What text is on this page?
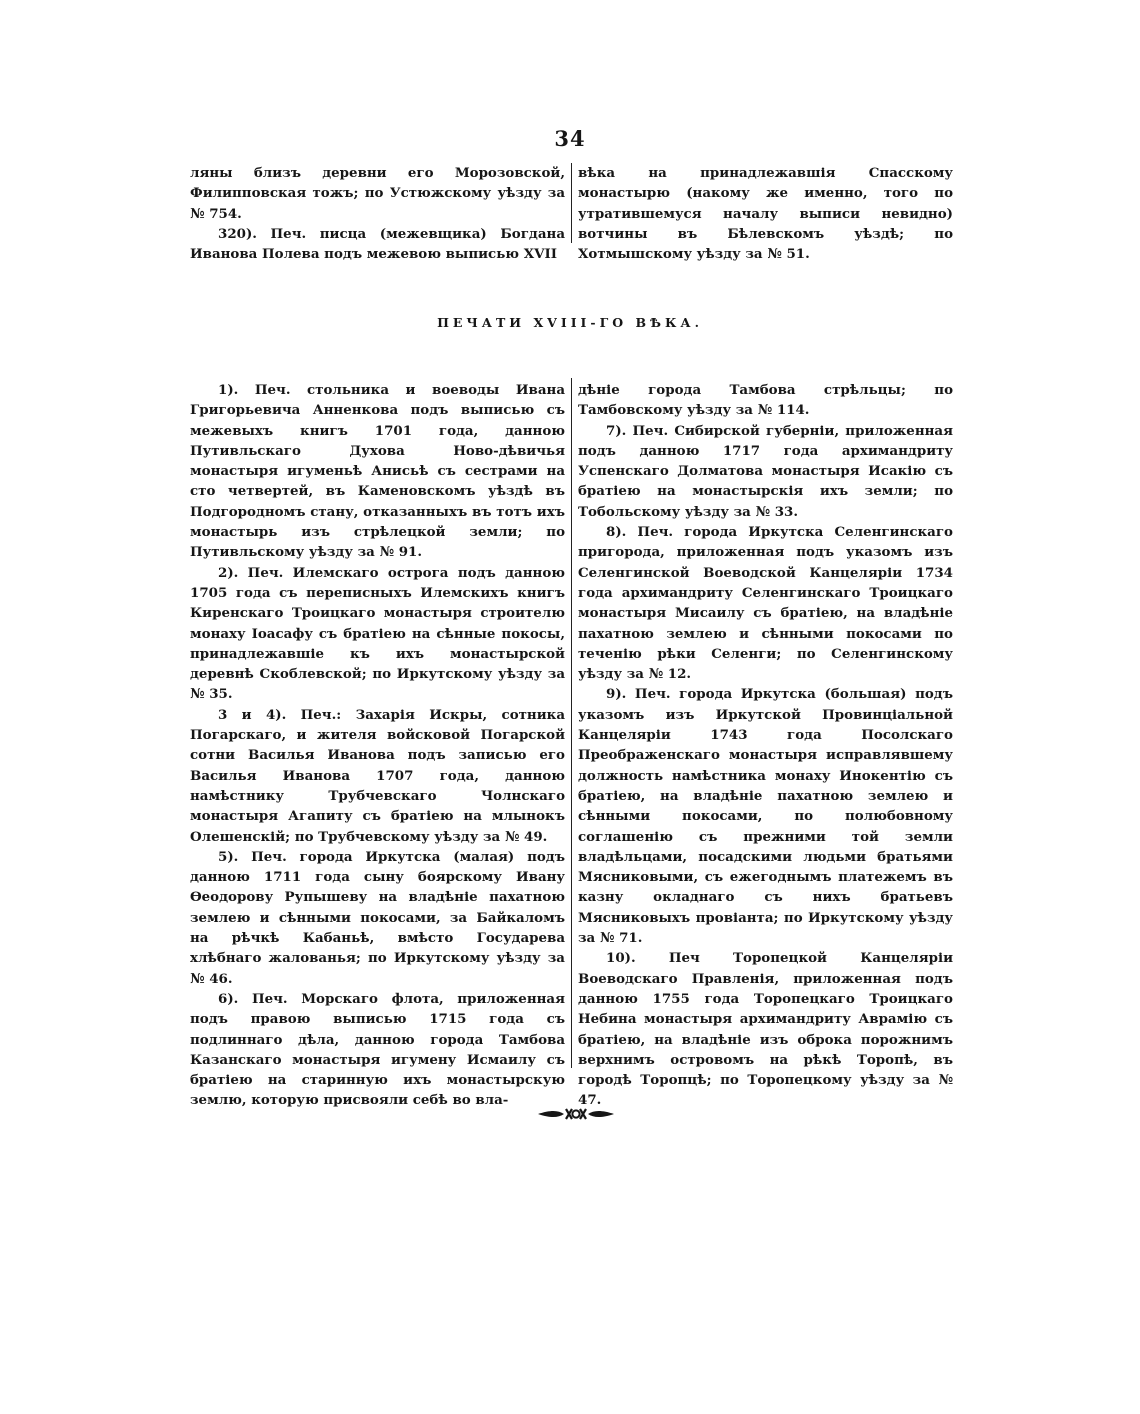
34

ляны близъ деревни его Морозовской, Филипповская тожъ; по Устюжскому уѣзду за № 754.

320). Печ. писца (межевщика) Богдана Иванова Полева подъ межевою выписью XVII

вѣка на принадлежавшія Спасскому монастырю (накому же именно, того по утратившемуся началу выписи невидно) вотчины въ Бѣлевскомъ уѣздѣ; по Хотмышскому уѣзду за № 51.

ПЕЧАТИ XVIII-ГО ВѢКА.

1). Печ. стольника и воеводы Ивана Григорьевича Анненкова подъ выписью съ межевыхъ книгъ 1701 года, данною Путивльскаго Духова Ново-дѣвичья монастыря игуменьѣ Анисьѣ съ сестрами на сто четвертей, въ Каменовскомъ уѣздѣ въ Подгородномъ стану, отказанныхъ въ тотъ ихъ монастырь изъ стрѣлецкой земли; по Путивльскому уѣзду за № 91.

2). Печ. Илемскаго острога подъ данною 1705 года съ переписныхъ Илемскихъ книгъ Киренскаго Троицкаго монастыря строителю монаху Іоасафу съ братіею на сѣнные покосы, принадлежавшіе къ ихъ монастырской деревнѣ Скоблевской; по Иркутскому уѣзду за № 35.

3 и 4). Печ.: Захарія Искры, сотника Погарскаго, и жителя войсковой Погарской сотни Василья Иванова подъ записью его Василья Иванова 1707 года, данною намѣстнику Трубчевскаго Чолнскаго монастыря Агапиту съ братіею на млынокъ Олешенскій; по Трубчевскому уѣзду за № 49.

5). Печ. города Иркутска (малая) подъ данною 1711 года сыну боярскому Ивану Ѳеодорову Рупышеву на владѣніе пахатною землею и сѣнными покосами, за Байкаломъ на рѣчкѣ Кабаньѣ, вмѣсто Государева хлѣбнаго жалованья; по Иркутскому уѣзду за № 46.

6). Печ. Морскаго флота, приложенная подъ правою выписью 1715 года съ подлиннаго дѣла, данною города Тамбова Казанскаго монастыря игумену Исмаилу съ братіею на старинную ихъ монастырскую землю, которую присвояли себѣ во вла-

дѣніе города Тамбова стрѣльцы; по Тамбовскому уѣзду за № 114.

7). Печ. Сибирской губерніи, приложенная подъ данною 1717 года архимандриту Успенскаго Долматова монастыря Исакію съ братіею на монастырскія ихъ земли; по Тобольскому уѣзду за № 33.

8). Печ. города Иркутска Селенгинскаго пригорода, приложенная подъ указомъ изъ Селенгинской Воеводской Канцеляріи 1734 года архимандриту Селенгинскаго Троицкаго монастыря Мисаилу съ братіею, на владѣніе пахатною землею и сѣнными покосами по теченію рѣки Селенги; по Селенгинскому уѣзду за № 12.

9). Печ. города Иркутска (большая) подъ указомъ изъ Иркутской Провинціальной Канцеляріи 1743 года Посолскаго Преображенскаго монастыря исправлявшему должность намѣстника монаху Инокентію съ братіею, на владѣніе пахатною землею и сѣнными покосами, по полюбовному соглашенію съ прежними той земли владѣльцами, посадскими людьми братьями Мясниковыми, съ ежегоднымъ платежемъ въ казну окладнаго съ нихъ братьевъ Мясниковыхъ провіанта; по Иркутскому уѣзду за № 71.

10). Печ Торопецкой Канцеляріи Воеводскаго Правленія, приложенная подъ данною 1755 года Торопецкаго Троицкаго Небина монастыря архимандриту Аврамію съ братіею, на владѣніе изъ оброка порожнимъ верхнимъ островомъ на рѣкѣ Торопѣ, въ городѣ Торопцѣ; по Торопецкому уѣзду за № 47.
